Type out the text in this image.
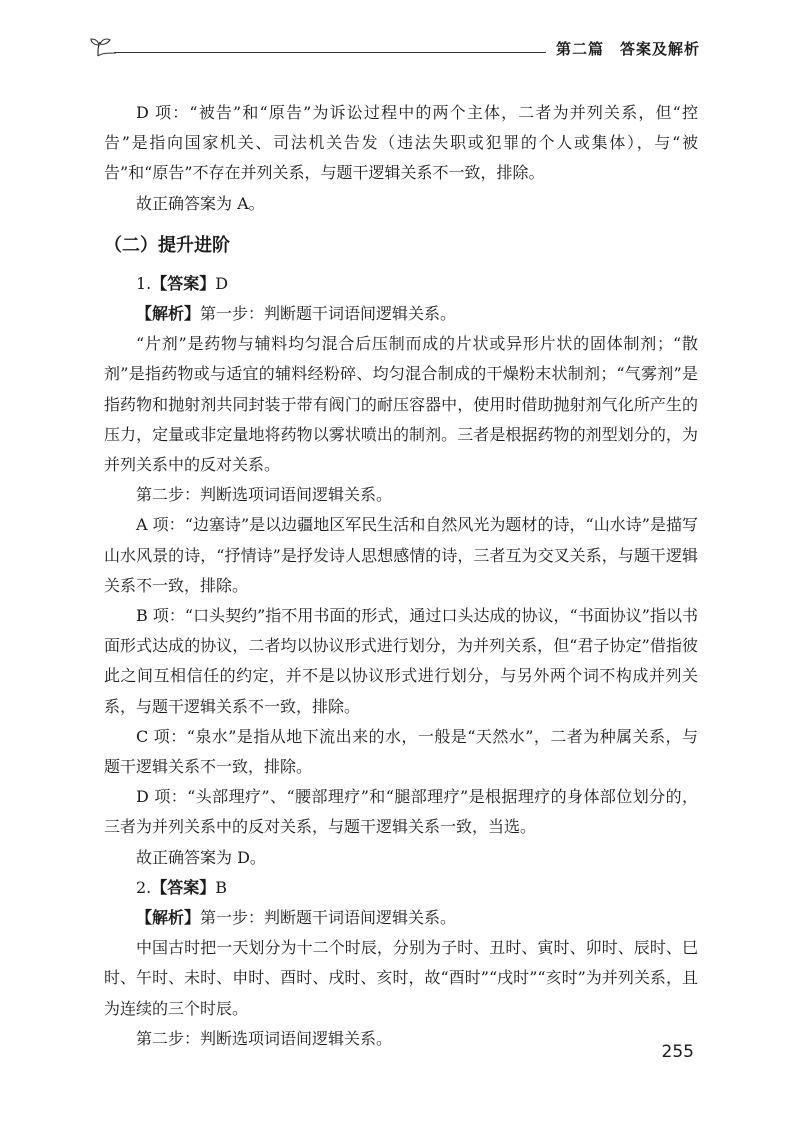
第二篇　答案及解析

D 项：“被告”和“原告”为诉讼过程中的两个主体，二者为并列关系，但“控告”是指向国家机关、司法机关告发（违法失职或犯罪的个人或集体），与“被告”和“原告”不存在并列关系，与题干逻辑关系不一致，排除。

故正确答案为 A。

（二）提升进阶

1.【答案】D

【解析】第一步：判断题干词语间逻辑关系。

“片剂”是药物与辅料均匀混合后压制而成的片状或异形片状的固体制剂；“散剂”是指药物或与适宜的辅料经粉碎、均匀混合制成的干燥粉末状制剂；“气雾剂”是指药物和抛射剂共同封装于带有阀门的耐压容器中，使用时借助抛射剂气化所产生的压力，定量或非定量地将药物以雾状喷出的制剂。三者是根据药物的剂型划分的，为并列关系中的反对关系。

第二步：判断选项词语间逻辑关系。

A 项：“边塞诗”是以边疆地区军民生活和自然风光为题材的诗，“山水诗”是描写山水风景的诗，“抒情诗”是抒发诗人思想感情的诗，三者互为交叉关系，与题干逻辑关系不一致，排除。

B 项：“口头契约”指不用书面的形式，通过口头达成的协议，“书面协议”指以书面形式达成的协议，二者均以协议形式进行划分，为并列关系，但“君子协定”借指彼此之间互相信任的约定，并不是以协议形式进行划分，与另外两个词不构成并列关系，与题干逻辑关系不一致，排除。

C 项：“泉水”是指从地下流出来的水，一般是“天然水”，二者为种属关系，与题干逻辑关系不一致，排除。

D 项：“头部理疗”、“腰部理疗”和“腿部理疗”是根据理疗的身体部位划分的，三者为并列关系中的反对关系，与题干逻辑关系一致，当选。

故正确答案为 D。

2.【答案】B

【解析】第一步：判断题干词语间逻辑关系。

中国古时把一天划分为十二个时辰，分别为子时、丑时、寅时、卯时、辰时、巳时、午时、未时、申时、酉时、戌时、亥时，故“酉时”“戌时”“亥时”为并列关系，且为连续的三个时辰。

第二步：判断选项词语间逻辑关系。

255
